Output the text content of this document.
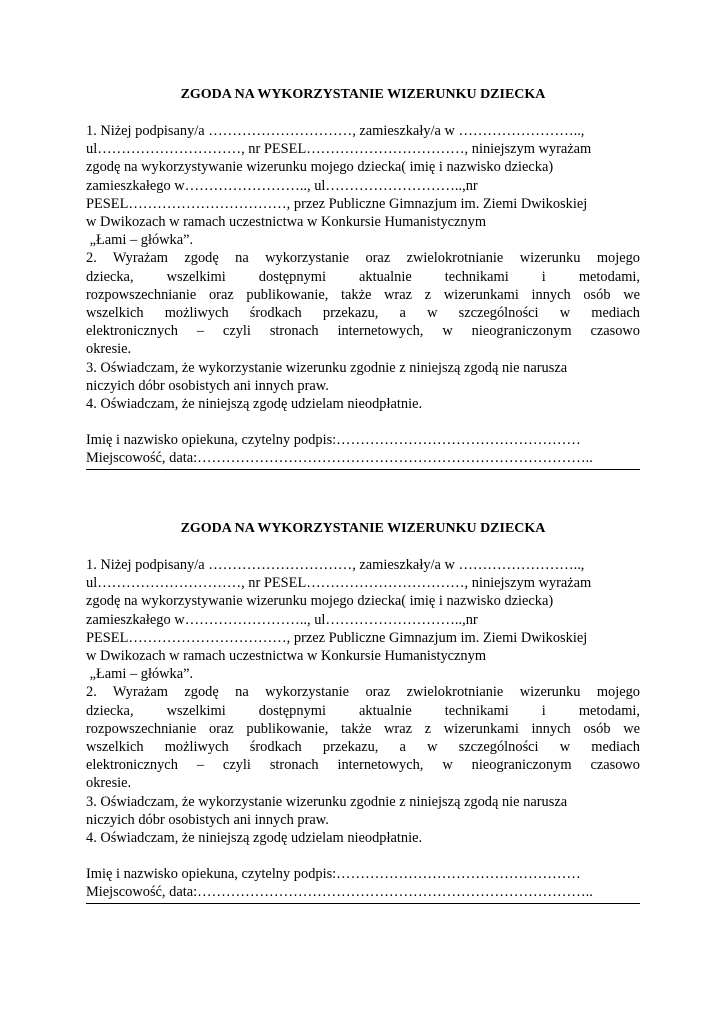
ZGODA NA WYKORZYSTANIE WIZERUNKU DZIECKA
1. Niżej podpisany/a …………………………, zamieszkały/a w ……………………..,
ul…………………………, nr PESEL……………………………, niniejszym wyrażam
zgodę na wykorzystywanie wizerunku mojego dziecka( imię i nazwisko dziecka)
zamieszkałego w…………………….., ul………………………..,nr
PESEL……………………………, przez Publiczne Gimnazjum im. Ziemi Dwikoskiej
w Dwikozach w ramach uczestnictwa w Konkursie Humanistycznym
„Łami – główka”.
2. Wyrażam zgodę na wykorzystanie oraz zwielokrotnianie wizerunku mojego
dziecka, wszelkimi dostępnymi aktualnie technikami i metodami,
rozpowszechnianie oraz publikowanie, także wraz z wizerunkami innych osób we
wszelkich możliwych środkach przekazu, a w szczególności w mediach
elektronicznych – czyli stronach internetowych, w nieograniczonym czasowo
okresie.
3. Oświadczam, że wykorzystanie wizerunku zgodnie z niniejszą zgodą nie narusza
niczyich dóbr osobistych ani innych praw.
4. Oświadczam, że niniejszą zgodę udzielam nieodpłatnie.
Imię i nazwisko opiekuna, czytelny podpis:……………………………………………
Miejscowość, data:………………………………………………………………………..
ZGODA NA WYKORZYSTANIE WIZERUNKU DZIECKA
1. Niżej podpisany/a …………………………, zamieszkały/a w ……………………..,
ul…………………………, nr PESEL……………………………, niniejszym wyrażam
zgodę na wykorzystywanie wizerunku mojego dziecka( imię i nazwisko dziecka)
zamieszkałego w…………………….., ul………………………..,nr
PESEL……………………………, przez Publiczne Gimnazjum im. Ziemi Dwikoskiej
w Dwikozach w ramach uczestnictwa w Konkursie Humanistycznym
„Łami – główka”.
2. Wyrażam zgodę na wykorzystanie oraz zwielokrotnianie wizerunku mojego
dziecka, wszelkimi dostępnymi aktualnie technikami i metodami,
rozpowszechnianie oraz publikowanie, także wraz z wizerunkami innych osób we
wszelkich możliwych środkach przekazu, a w szczególności w mediach
elektronicznych – czyli stronach internetowych, w nieograniczonym czasowo
okresie.
3. Oświadczam, że wykorzystanie wizerunku zgodnie z niniejszą zgodą nie narusza
niczyich dóbr osobistych ani innych praw.
4. Oświadczam, że niniejszą zgodę udzielam nieodpłatnie.
Imię i nazwisko opiekuna, czytelny podpis:……………………………………………
Miejscowość, data:………………………………………………………………………..
